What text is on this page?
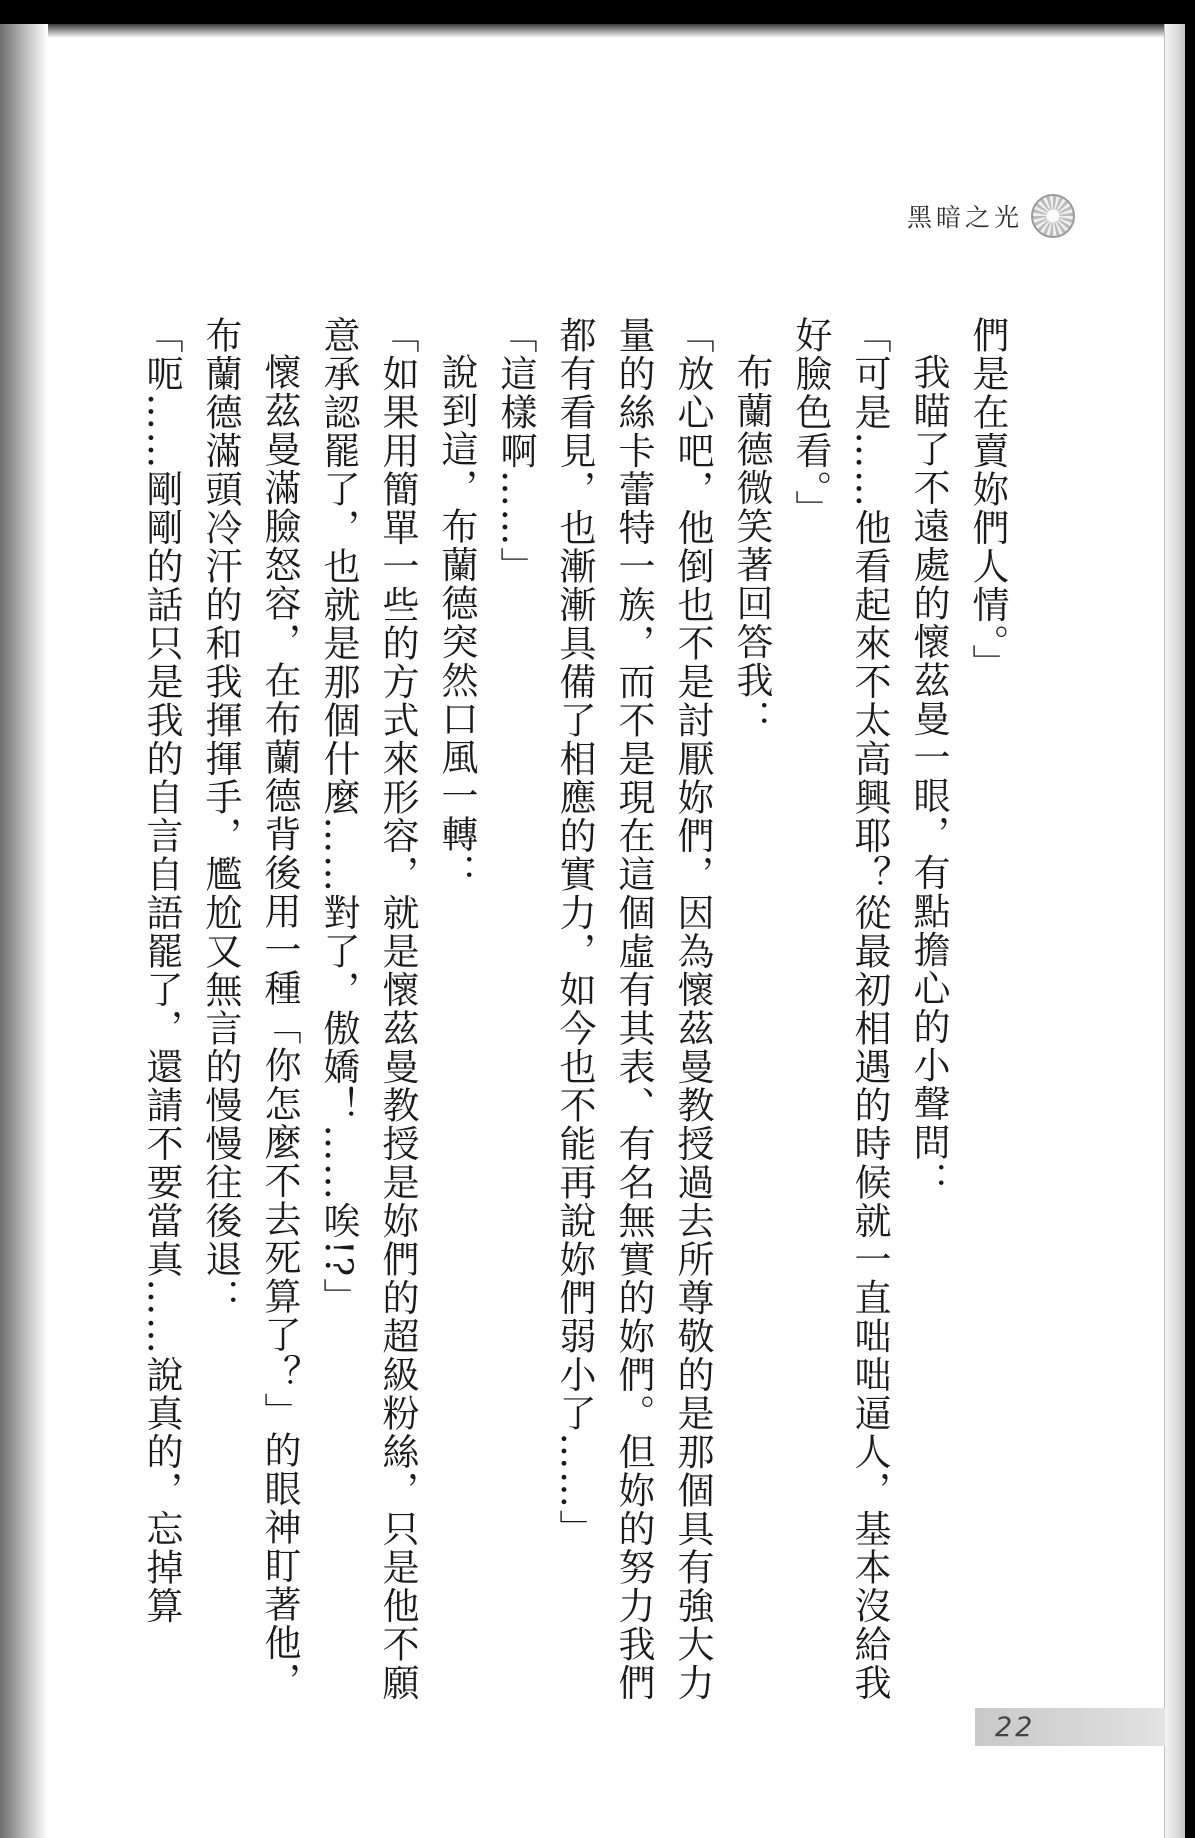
黑暗之光

們是在賣妳們人情。」

我瞄了不遠處的懷茲曼一眼，有點擔心的小聲問：

「可是……他看起來不太高興耶？從最初相遇的時候就一直咄咄逼人，基本沒給我好臉色看。」

布蘭德微笑著回答我：

「放心吧，他倒也不是討厭妳們，因為懷茲曼教授過去所尊敬的是那個具有強大力量的絲卡蕾特一族，而不是現在這個虛有其表、有名無實的妳們。但妳的努力我們都有看見，也漸漸具備了相應的實力，如今也不能再說妳們弱小了……」

「這樣啊……」

說到這，布蘭德突然口風一轉：

「如果用簡單一些的方式來形容，就是懷茲曼教授是妳們的超級粉絲，只是他不願意承認罷了，也就是那個什麼……對了，傲嬌！……唉!?」

懷茲曼滿臉怒容，在布蘭德背後用一種「你怎麼不去死算了？」的眼神盯著他，布蘭德滿頭冷汗的和我揮揮手，尷尬又無言的慢慢往後退：

「呃……剛剛的話只是我的自言自語罷了，還請不要當真……說真的，忘掉算

22
